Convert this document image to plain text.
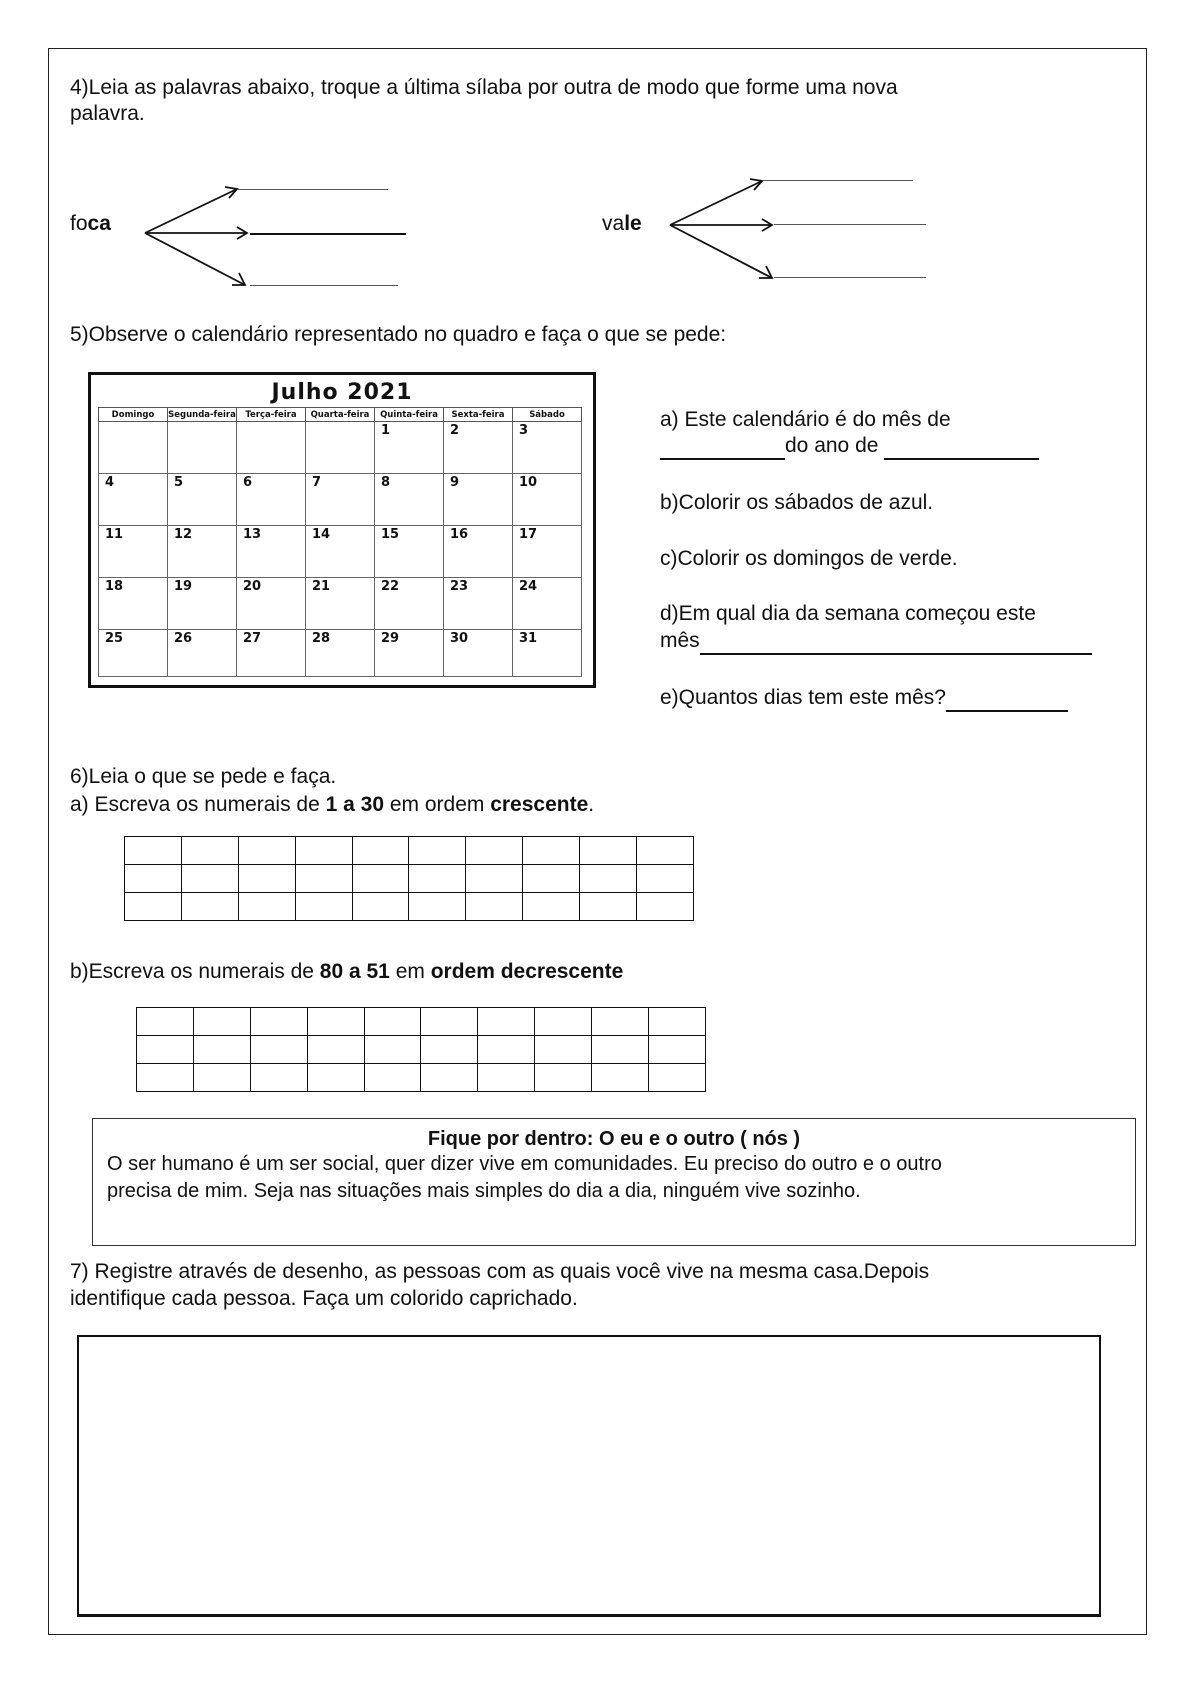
4)Leia as palavras abaixo, troque a última sílaba por outra de modo que forme uma nova
palavra.
foca	vale
5)Observe o calendário representado no quadro e faça o que se pede:
Julho 2021
Domingo	Segunda-feira	Terça-feira	Quarta-feira	Quinta-feira	Sexta-feira	Sábado
				1	2	3
4	5	6	7	8	9	10
11	12	13	14	15	16	17
18	19	20	21	22	23	24
25	26	27	28	29	30	31
a) Este calendário é do mês de
do ano de
b)Colorir os sábados de azul.
c)Colorir os domingos de verde.
d)Em qual dia da semana começou este
mês
e)Quantos dias tem este mês?
6)Leia o que se pede e faça.
a) Escreva os numerais de 1 a 30 em ordem crescente.

b)Escreva os numerais de 80 a 51 em ordem decrescente

Fique por dentro: O eu e o outro ( nós )
O ser humano é um ser social, quer dizer vive em comunidades. Eu preciso do outro e o outro
precisa de mim. Seja nas situações mais simples do dia a dia, ninguém vive sozinho.
7) Registre através de desenho, as pessoas com as quais você vive na mesma casa.Depois
identifique cada pessoa. Faça um colorido caprichado.
